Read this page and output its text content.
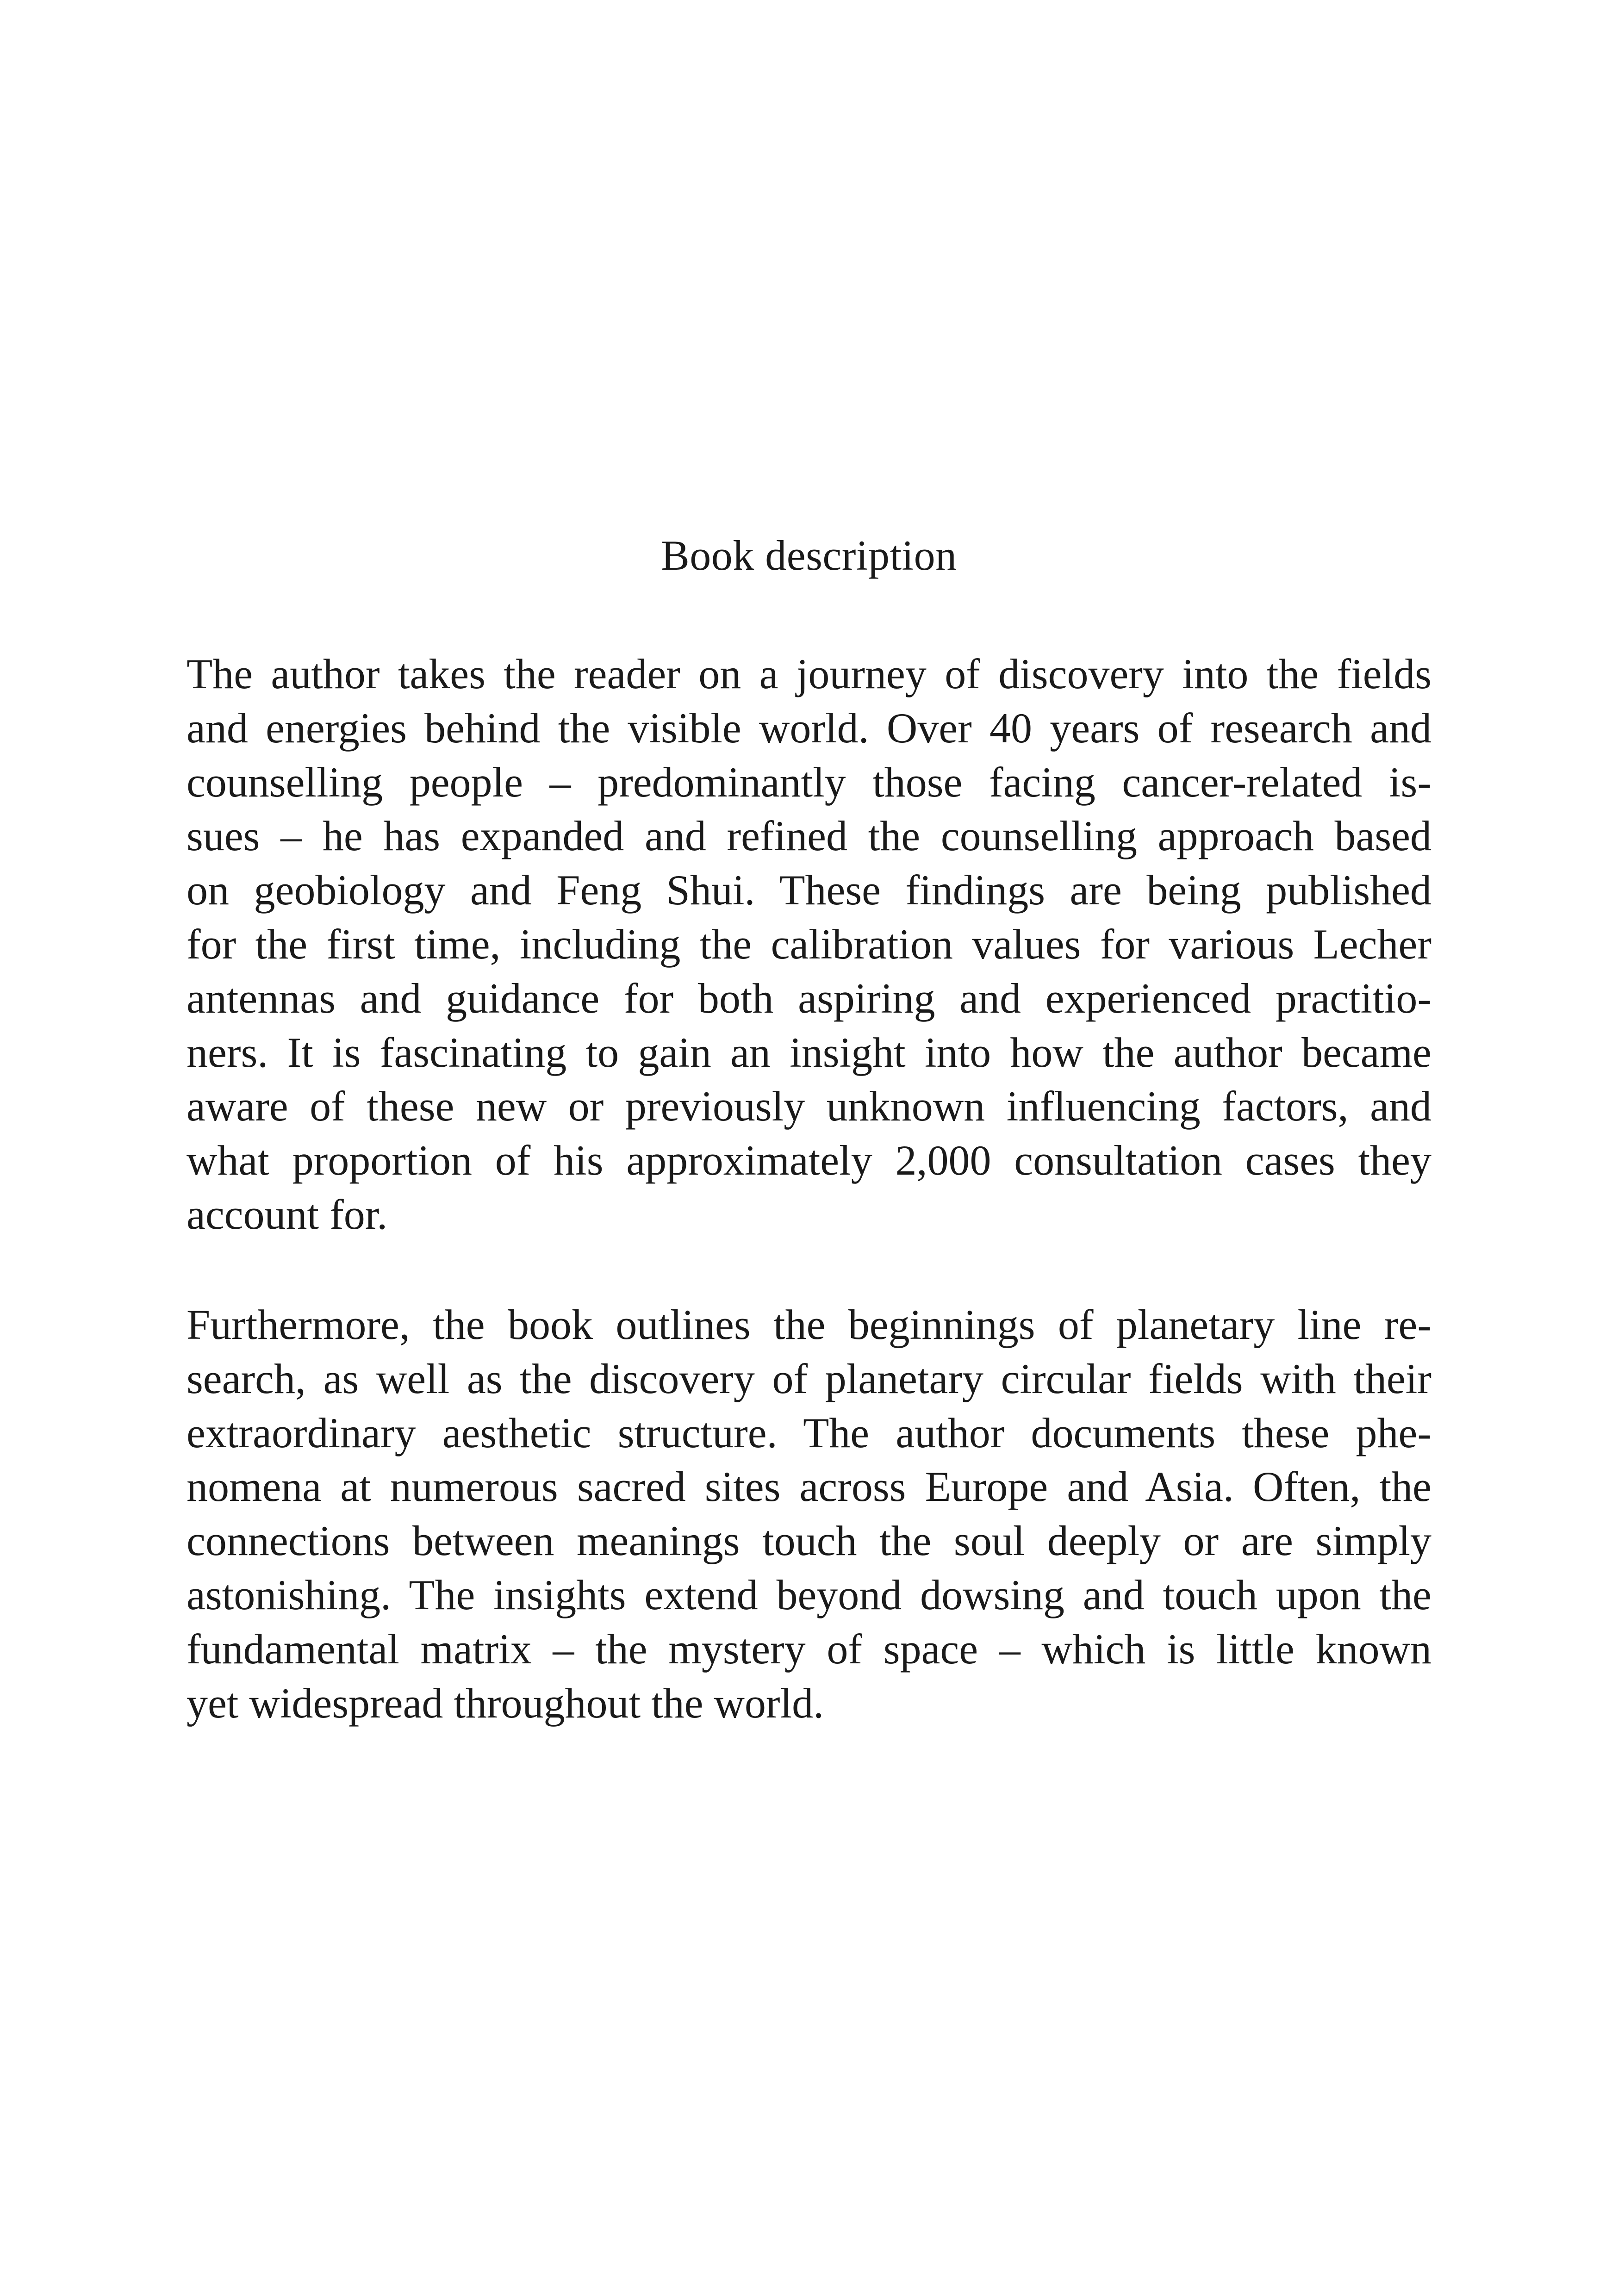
Book description
The author takes the reader on a journey of discovery into the fields
and energies behind the visible world. Over 40 years of research and
counselling people – predominantly those facing cancer-related is-
sues – he has expanded and refined the counselling approach based
on geobiology and Feng Shui. These findings are being published
for the first time, including the calibration values for various Lecher
antennas and guidance for both aspiring and experienced practitio-
ners. It is fascinating to gain an insight into how the author became
aware of these new or previously unknown influencing factors, and
what proportion of his approximately 2,000 consultation cases they
account for.
Furthermore, the book outlines the beginnings of planetary line re-
search, as well as the discovery of planetary circular fields with their
extraordinary aesthetic structure. The author documents these phe-
nomena at numerous sacred sites across Europe and Asia. Often, the
connections between meanings touch the soul deeply or are simply
astonishing. The insights extend beyond dowsing and touch upon the
fundamental matrix – the mystery of space – which is little known
yet widespread throughout the world.
